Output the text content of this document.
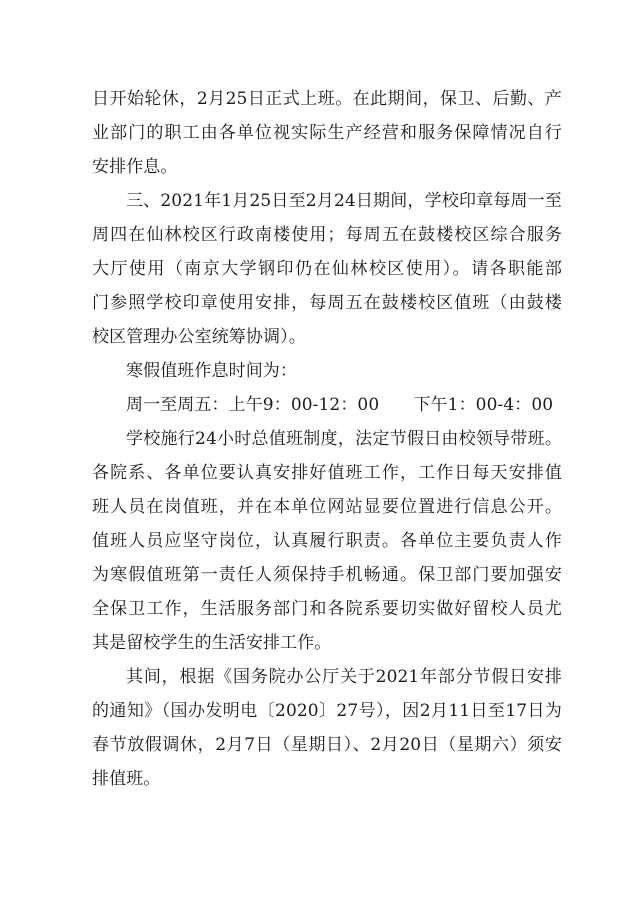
日开始轮休，2月25日正式上班。在此期间，保卫、后勤、产
业部门的职工由各单位视实际生产经营和服务保障情况自行
安排作息。
三、2021年1月25日至2月24日期间，学校印章每周一至
周四在仙林校区行政南楼使用；每周五在鼓楼校区综合服务
大厅使用（南京大学钢印仍在仙林校区使用）。请各职能部
门参照学校印章使用安排，每周五在鼓楼校区值班（由鼓楼
校区管理办公室统筹协调）。
寒假值班作息时间为：
周一至周五：上午9：00-12：00　　下午1：00-4：00
学校施行24小时总值班制度，法定节假日由校领导带班。
各院系、各单位要认真安排好值班工作，工作日每天安排值
班人员在岗值班，并在本单位网站显要位置进行信息公开。
值班人员应坚守岗位，认真履行职责。各单位主要负责人作
为寒假值班第一责任人须保持手机畅通。保卫部门要加强安
全保卫工作，生活服务部门和各院系要切实做好留校人员尤
其是留校学生的生活安排工作。
其间，根据《国务院办公厅关于2021年部分节假日安排
的通知》（国办发明电〔2020〕27号），因2月11日至17日为
春节放假调休，2月7日（星期日）、2月20日（星期六）须安
排值班。
